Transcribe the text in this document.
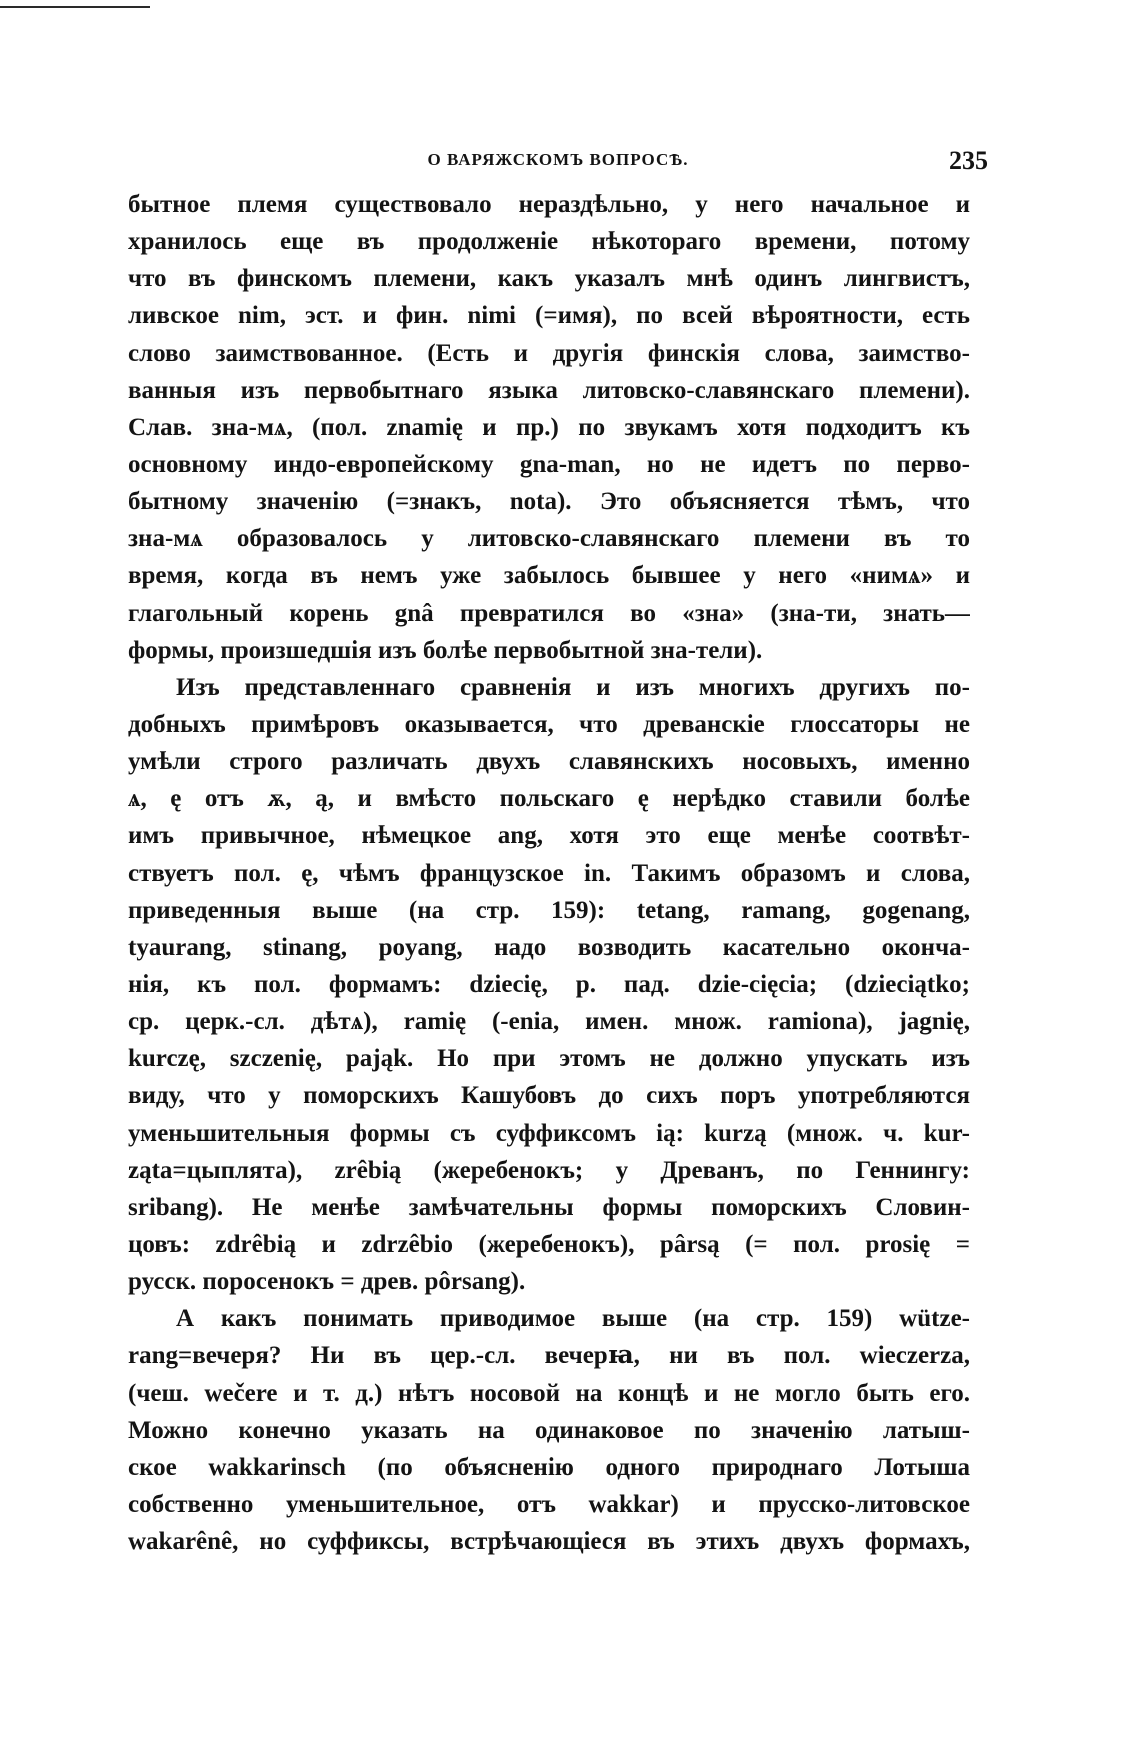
О ВАРЯЖСКОМЪ ВОПРОСѢ.	235
бытное племя существовало нераздѣльно, у него начальное и
хранилось еще въ продолженіе нѣкотораго времени, потому
что въ финскомъ племени, какъ указалъ мнѣ одинъ лингвистъ,
ливское nim, эст. и фин. nimi (=имя), по всей вѣроятности, есть
слово заимствованное. (Есть и другія финскія слова, заимство-
ванныя изъ первобытнаго языка литовско-славянскаго племени).
Слав. зна-мѧ, (пол. znamię и пр.) по звукамъ хотя подходитъ къ
основному индо-европейскому gna-man, но не идетъ по перво-
бытному значенію (=знакъ, nota). Это объясняется тѣмъ, что
зна-мѧ образовалось у литовско-славянскаго племени въ то
время, когда въ немъ уже забылось бывшее у него «нимѧ» и
глагольный корень gnâ превратился во «зна» (зна-ти, знать—
формы, произшедшія изъ болѣе первобытной зна-тели).
Изъ представленнаго сравненія и изъ многихъ другихъ по-
добныхъ примѣровъ оказывается, что древанскіе глоссаторы не
умѣли строго различать двухъ славянскихъ носовыхъ, именно
ѧ, ę отъ ѫ, ą, и вмѣсто польскаго ę нерѣдко ставили болѣе
имъ привычное, нѣмецкое ang, хотя это еще менѣе соотвѣт-
ствуетъ пол. ę, чѣмъ французское in. Такимъ образомъ и слова,
приведенныя выше (на стр. 159): tetang, ramang, gogenang,
tyaurang, stinang, poyang, надо возводить касательно оконча-
нія, къ пол. формамъ: dziecię, р. пад. dzie-cięcia; (dzieciątko;
ср. церк.-сл. дѣтѧ), ramię (-enia, имен. множ. ramiona), jagnię,
kurczę, szczenię, pająk. Но при этомъ не должно упускать изъ
виду, что у поморскихъ Кашубовъ до сихъ поръ употребляются
уменьшительныя формы съ суффиксомъ ią: kurzą (множ. ч. kur-
ząta=цыплята), zrêbią (жеребенокъ; у Древанъ, по Геннингу:
sribang). Не менѣе замѣчательны формы поморскихъ Словин-
цовъ: zdrêbią и zdrzêbio (жеребенокъ), pârsą (= пол. prosię =
русск. поросенокъ = древ. pôrsang).
А какъ понимать приводимое выше (на стр. 159) wützе-
rang=вечеря? Ни въ цер.-сл. вечерꙗ, ни въ пол. wieczerza,
(чеш. wečere и т. д.) нѣтъ носовой на концѣ и не могло быть его.
Можно конечно указать на одинаковое по значенію латыш-
ское wakkarinsch (по объясненію одного природнаго Лотыша
собственно уменьшительное, отъ wakkar) и прусско-литовское
wakarênê, но суффиксы, встрѣчающіеся въ этихъ двухъ формахъ,
